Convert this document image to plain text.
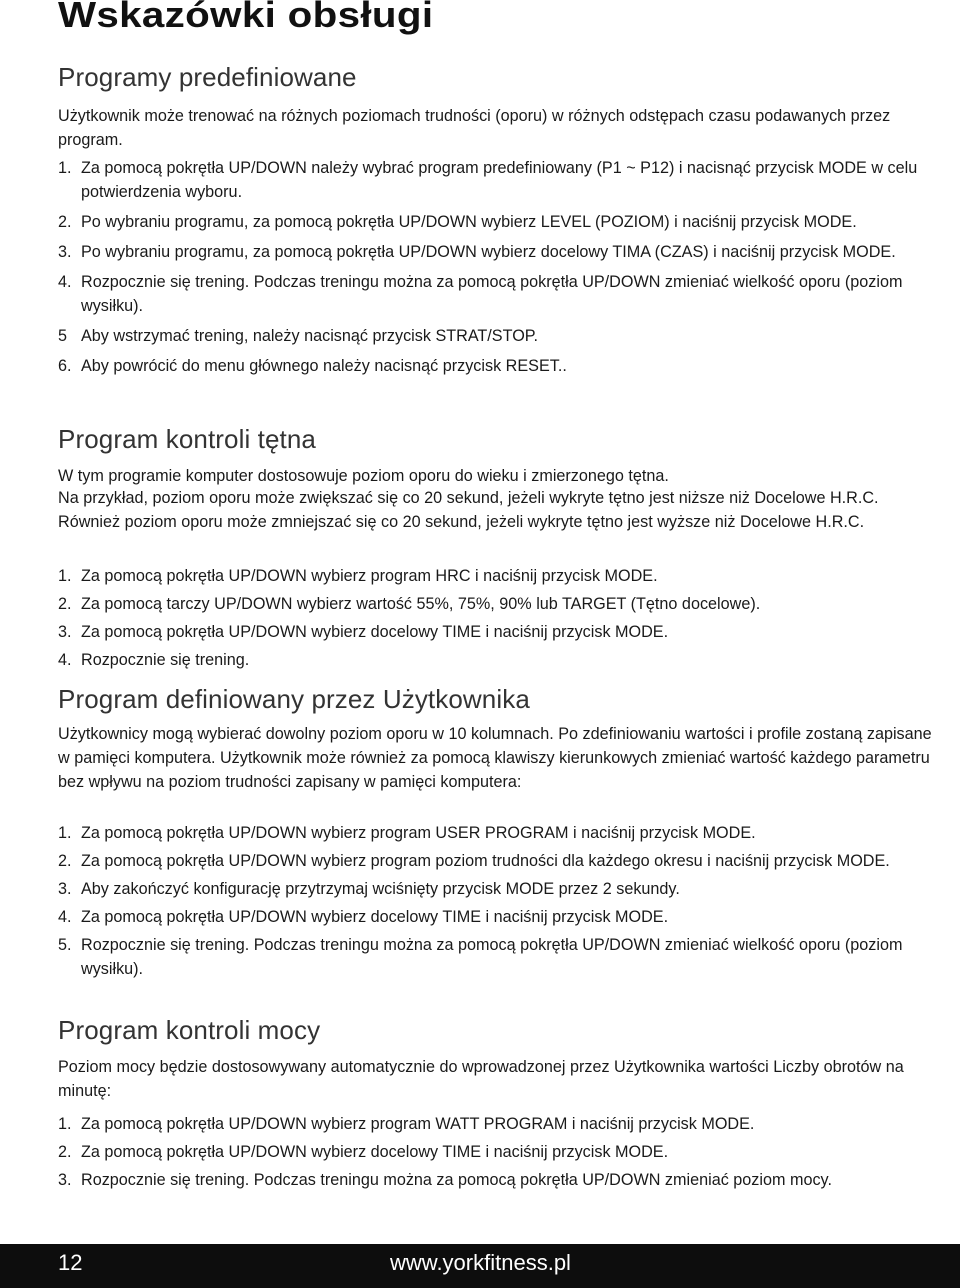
Wskazówki obsługi
Programy predefiniowane

Użytkownik może trenować na różnych poziomach trudności (oporu) w różnych odstępach czasu podawanych przez program.

1. Za pomocą pokrętła UP/DOWN należy wybrać program predefiniowany (P1 ~ P12) i nacisnąć przycisk MODE w celu potwierdzenia wyboru.
2. Po wybraniu programu, za pomocą pokrętła UP/DOWN wybierz LEVEL (POZIOM) i naciśnij przycisk MODE.
3. Po wybraniu programu, za pomocą pokrętła UP/DOWN wybierz docelowy TIMA (CZAS) i naciśnij przycisk MODE.
4. Rozpocznie się trening. Podczas treningu można za pomocą pokrętła UP/DOWN zmieniać wielkość oporu (poziom wysiłku).
5 Aby wstrzymać trening, należy nacisnąć przycisk STRAT/STOP.
6. Aby powrócić do menu głównego należy nacisnąć przycisk RESET..
Program kontroli tętna

W tym programie komputer dostosowuje poziom oporu do wieku i zmierzonego tętna.

Na przykład, poziom oporu może zwiększać się co 20 sekund, jeżeli wykryte tętno jest niższe niż Docelowe H.R.C. Również poziom oporu może zmniejszać się co 20 sekund, jeżeli wykryte tętno jest wyższe niż Docelowe H.R.C.

1. Za pomocą pokrętła UP/DOWN wybierz program HRC i naciśnij przycisk MODE.
2. Za pomocą tarczy UP/DOWN wybierz wartość 55%, 75%, 90% lub TARGET (Tętno docelowe).
3. Za pomocą pokrętła UP/DOWN wybierz docelowy TIME i naciśnij przycisk MODE.
4. Rozpocznie się trening.
Program definiowany przez Użytkownika

Użytkownicy mogą wybierać dowolny poziom oporu w 10 kolumnach. Po zdefiniowaniu wartości i profile zostaną zapisane w pamięci komputera. Użytkownik może również za pomocą klawiszy kierunkowych zmieniać wartość każdego parametru bez wpływu na poziom trudności zapisany w pamięci komputera:

1. Za pomocą pokrętła UP/DOWN wybierz program USER PROGRAM i naciśnij przycisk MODE.
2. Za pomocą pokrętła UP/DOWN wybierz program poziom trudności dla każdego okresu i naciśnij przycisk MODE.
3. Aby zakończyć konfigurację przytrzymaj wciśnięty przycisk MODE przez 2 sekundy.
4. Za pomocą pokrętła UP/DOWN wybierz docelowy TIME i naciśnij przycisk MODE.
5. Rozpocznie się trening. Podczas treningu można za pomocą pokrętła UP/DOWN zmieniać wielkość oporu (poziom wysiłku).
Program kontroli mocy

Poziom mocy będzie dostosowywany automatycznie do wprowadzonej przez Użytkownika wartości Liczby obrotów na minutę:

1. Za pomocą pokrętła UP/DOWN wybierz program WATT PROGRAM i naciśnij przycisk MODE.
2. Za pomocą pokrętła UP/DOWN wybierz docelowy TIME i naciśnij przycisk MODE.
3. Rozpocznie się trening. Podczas treningu można za pomocą pokrętła UP/DOWN zmieniać poziom mocy.
12	www.yorkfitness.pl
